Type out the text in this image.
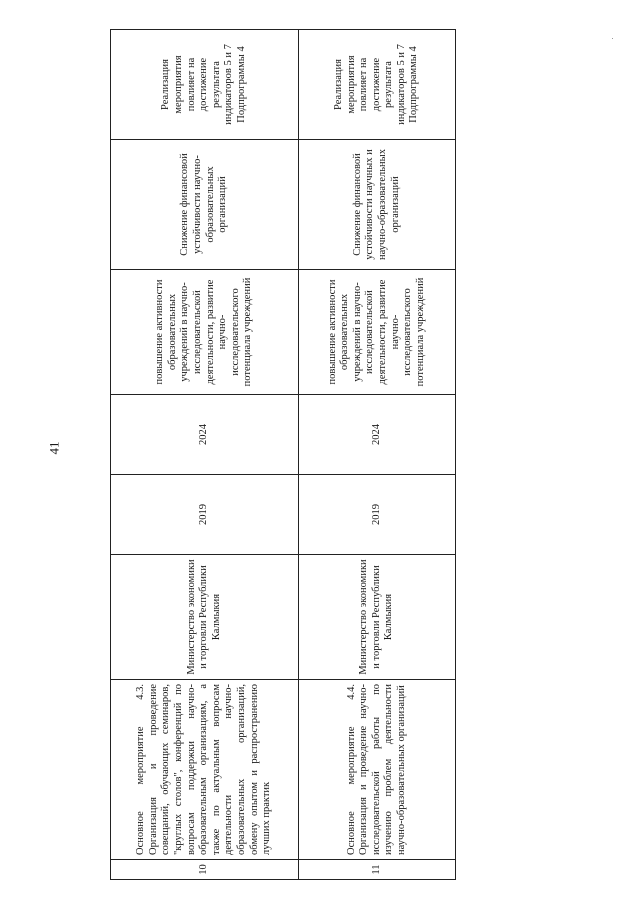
41
10	Основное мероприятие 4.3. Организация и проведение совещаний, обучающих семинаров, "круглых столов", конференций по вопросам поддержки научно-образовательным организациям, а также по актуальным вопросам деятельности научно-образовательных организаций, обмену опытом и распространению лучших практик	Министерство экономики и торговли Республики Калмыкия	2019	2024	повышение активности образовательных учреждений в научно-исследовательской деятельности, развитие научно-исследовательского потенциала учреждений	Снижение финансовой устойчивости научно-образовательных организаций	Реализация мероприятия повлияет на достижение результата индикаторов 5 и 7 Подпрограммы 4
11	Основное мероприятие 4.4. Организация и проведение научно-исследовательской работы по изучению проблем деятельности научно-образовательных организаций	Министерство экономики и торговли Республики Калмыкия	2019	2024	повышение активности образовательных учреждений в научно-исследовательской деятельности, развитие научно-исследовательского потенциала учреждений	Снижение финансовой устойчивости научных и научно-образовательных организаций	Реализация мероприятия повлияет на достижение результата индикаторов 5 и 7 Подпрограммы 4
